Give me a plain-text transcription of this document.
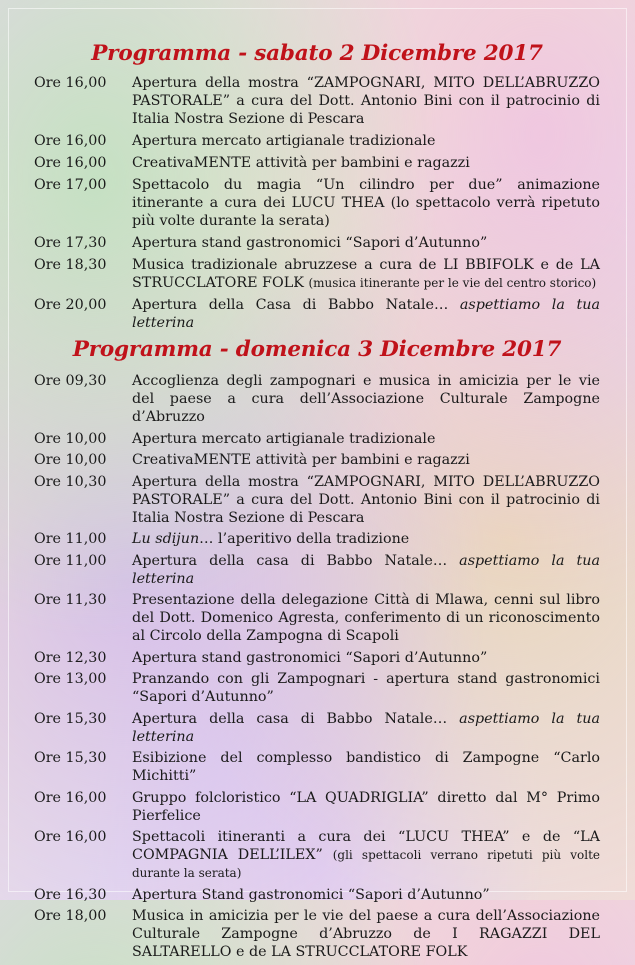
Programma - sabato 2 Dicembre 2017
Ore 16,00	Apertura della mostra “ZAMPOGNARI, MITO DELL’ABRUZZO PASTORALE” a cura del Dott. Antonio Bini con il patrocinio di Italia Nostra Sezione di Pescara
Ore 16,00	Apertura mercato artigianale tradizionale
Ore 16,00	CreativaMENTE attività per bambini e ragazzi
Ore 17,00	Spettacolo du magia “Un cilindro per due” animazione itinerante a cura dei LUCU THEA (lo spettacolo verrà ripetuto più volte durante la serata)
Ore 17,30	Apertura stand gastronomici “Sapori d’Autunno”
Ore 18,30	Musica tradizionale abruzzese a cura de LI BBIFOLK e de LA STRUCCLATORE FOLK (musica itinerante per le vie del centro storico)
Ore 20,00	Apertura della Casa di Babbo Natale… aspettiamo la tua letterina
Programma - domenica 3 Dicembre 2017
Ore 09,30	Accoglienza degli zampognari e musica in amicizia per le vie del paese a cura dell’Associazione Culturale Zampogne d’Abruzzo
Ore 10,00	Apertura mercato artigianale tradizionale
Ore 10,00	CreativaMENTE attività per bambini e ragazzi
Ore 10,30	Apertura della mostra “ZAMPOGNARI, MITO DELL’ABRUZZO PASTORALE” a cura del Dott. Antonio Bini con il patrocinio di Italia Nostra Sezione di Pescara
Ore 11,00	Lu sdijun… l’aperitivo della tradizione
Ore 11,00	Apertura della casa di Babbo Natale… aspettiamo la tua letterina
Ore 11,30	Presentazione della delegazione Città di Mlawa, cenni sul libro del Dott. Domenico Agresta, conferimento di un riconoscimento al Circolo della Zampogna di Scapoli
Ore 12,30	Apertura stand gastronomici “Sapori d’Autunno”
Ore 13,00	Pranzando con gli Zampognari - apertura stand gastronomici “Sapori d’Autunno”
Ore 15,30	Apertura della casa di Babbo Natale… aspettiamo la tua letterina
Ore 15,30	Esibizione del complesso bandistico di Zampogne “Carlo Michitti”
Ore 16,00	Gruppo folcloristico “LA QUADRIGLIA” diretto dal M° Primo Pierfelice
Ore 16,00	Spettacoli itineranti a cura dei “LUCU THEA” e de “LA COMPAGNIA DELL’ILEX” (gli spettacoli verrano ripetuti più volte durante la serata)
Ore 16,30	Apertura Stand gastronomici “Sapori d’Autunno”
Ore 18,00	Musica in amicizia per le vie del paese a cura dell’Associazione Culturale Zampogne d’Abruzzo de I RAGAZZI DEL SALTARELLO e de LA STRUCCLATORE FOLK
